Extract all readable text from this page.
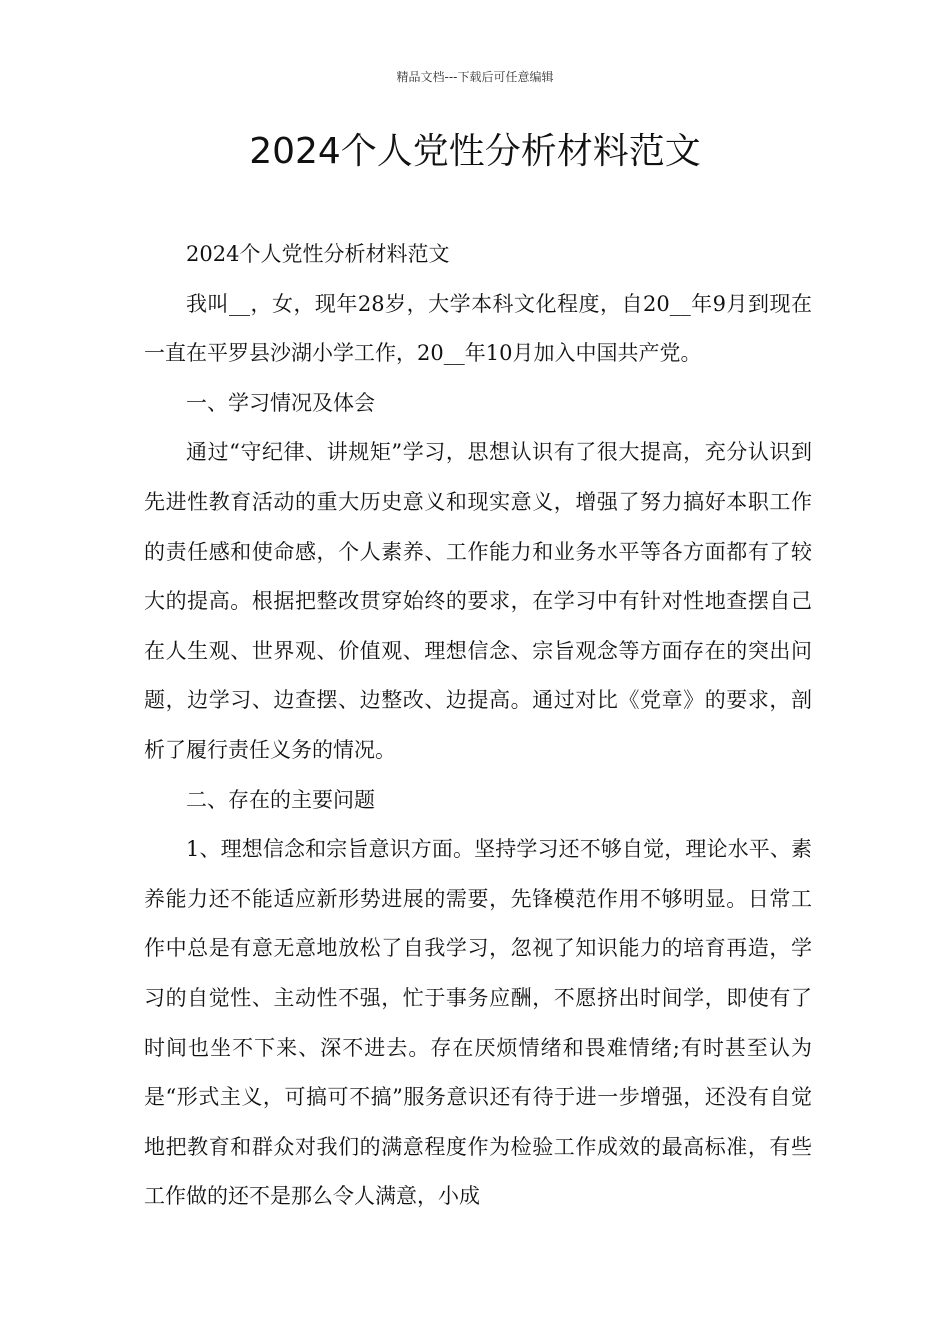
精品文档---下载后可任意编辑
2024个人党性分析材料范文

2024个人党性分析材料范文

我叫__，女，现年28岁，大学本科文化程度，自20__年9月到现在一直在平罗县沙湖小学工作，20__年10月加入中国共产党。

一、学习情况及体会

通过“守纪律、讲规矩”学习，思想认识有了很大提高，充分认识到先进性教育活动的重大历史意义和现实意义，增强了努力搞好本职工作的责任感和使命感，个人素养、工作能力和业务水平等各方面都有了较大的提高。根据把整改贯穿始终的要求，在学习中有针对性地查摆自己在人生观、世界观、价值观、理想信念、宗旨观念等方面存在的突出问题，边学习、边查摆、边整改、边提高。通过对比《党章》的要求，剖析了履行责任义务的情况。

二、存在的主要问题

1、理想信念和宗旨意识方面。坚持学习还不够自觉，理论水平、素养能力还不能适应新形势进展的需要，先锋模范作用不够明显。日常工作中总是有意无意地放松了自我学习，忽视了知识能力的培育再造，学习的自觉性、主动性不强，忙于事务应酬，不愿挤出时间学，即使有了时间也坐不下来、深不进去。存在厌烦情绪和畏难情绪;有时甚至认为是“形式主义，可搞可不搞”服务意识还有待于进一步增强，还没有自觉地把教育和群众对我们的满意程度作为检验工作成效的最高标准，有些工作做的还不是那么令人满意，小成
